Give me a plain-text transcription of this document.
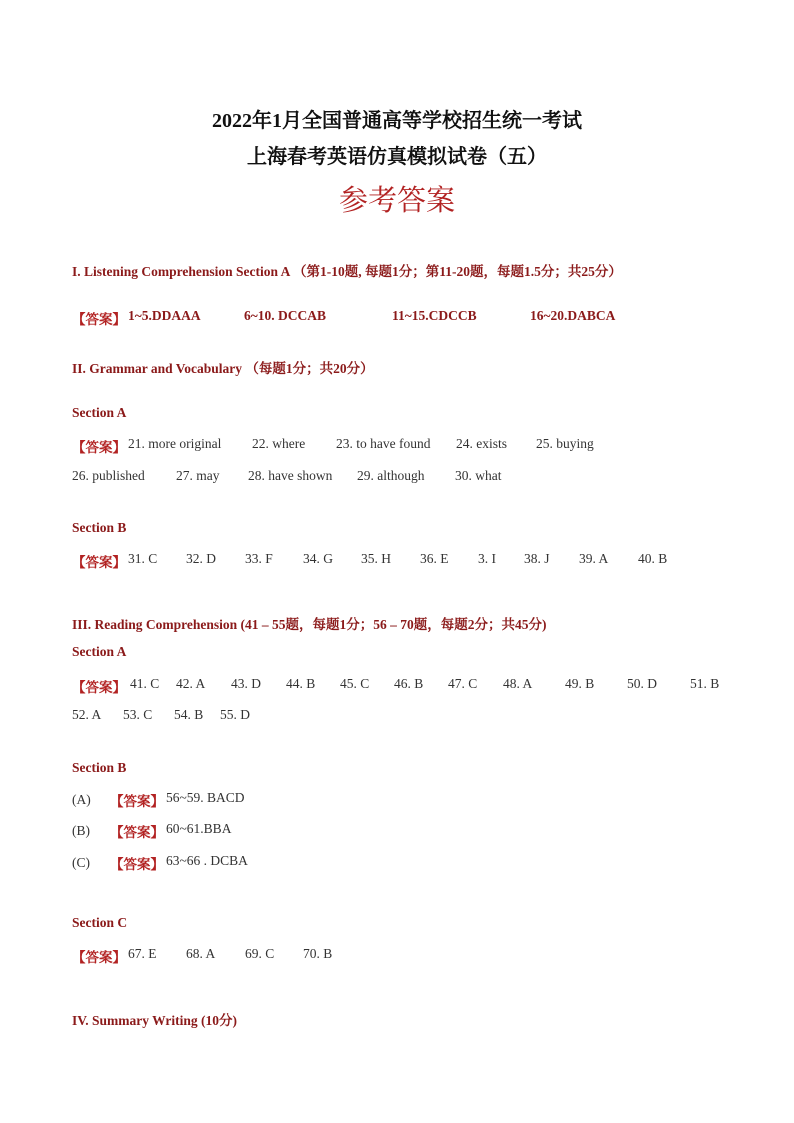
2022年1月全国普通高等学校招生统一考试
上海春考英语仿真模拟试卷（五）
参考答案
I. Listening Comprehension Section A （第1-10题, 每题1分；第11-20题，每题1.5分；共25分）
【答案】 1~5.DDAAA	6~10. DCCAB	11~15.CDCCB	16~20.DABCA
II. Grammar and Vocabulary （每题1分；共20分）
Section A
【答案】 21. more original 22. where 23. to have found 24. exists 25. buying
26. published 27. may 28. have shown 29. although 30. what
Section B
【答案】 31. C 32. D 33. F 34. G 35. H 36. E 3. I 38. J 39. A 40. B
III. Reading Comprehension (41 – 55题，每题1分；56 – 70题，每题2分；共45分)
Section A
【答案】 41. C 42. A 43. D 44. B 45. C 46. B 47. C 48. A 49. B 50. D 51. B
52. A 53. C 54. B 55. D
Section B
(A) 【答案】 56~59. BACD
(B) 【答案】 60~61.BBA
(C) 【答案】 63~66 . DCBA
Section C
【答案】 67. E 68. A 69. C 70. B
IV. Summary Writing (10分)
